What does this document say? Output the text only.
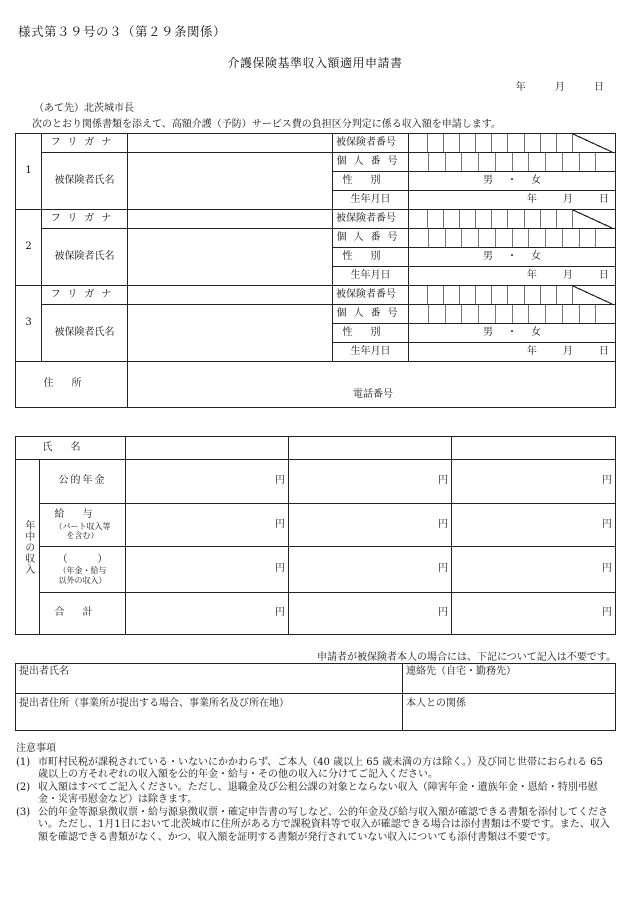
様式第３９号の３（第２９条関係）
介護保険基準収入額適用申請書
年	月	日
（あて先）北茨城市長
次のとおり関係書類を添えて、高額介護（予防）サービス費の負担区分判定に係る収入額を申請します。
1	フリガナ		被保険者番号	

	被保険者氏名		個人番号	

			性別	男 ・ 女
			生年月日	年 月 日
2	フリガナ		被保険者番号	

	被保険者氏名		個人番号	

			性別	男 ・ 女
			生年月日	年 月 日
3	フリガナ		被保険者番号	

	被保険者氏名		個人番号	

			性別	男 ・ 女
			生年月日	年 月 日
住所		電話番号		
氏名				

年中の収入	公的年金	円	円	円

	給与
（パート収入等
を含む）	円	円	円

	（　　　）
（年金・給与
以外の収入）	円	円	円

	合計	円	円	円
申請者が被保険者本人の場合には、下記について記入は不要です。
提出者氏名	連絡先（自宅・勤務先）
提出者住所（事業所が提出する場合、事業所名及び所在地）	本人との関係
注意事項
(1) 市町村民税が課税されている・いないにかかわらず、ご本人（40 歳以上 65 歳未満の方は除く。）及び同じ世帯におられる 65 歳以上の方それぞれの収入額を公的年金・給与・その他の収入に分けてご記入ください。
(2) 収入額はすべてご記入ください。ただし、退職金及び公租公課の対象とならない収入（障害年金・遺族年金・恩給・特別弔慰金・災害弔慰金など）は除きます。
(3) 公的年金等源泉徴収票・給与源泉徴収票・確定申告書の写しなど、公的年金及び給与収入額が確認できる書類を添付してください。ただし、1月1日において北茨城市に住所がある方で課税資料等で収入が確認できる場合は添付書類は不要です。また、収入額を確認できる書類がなく、かつ、収入額を証明する書類が発行されていない収入についても添付書類は不要です。
